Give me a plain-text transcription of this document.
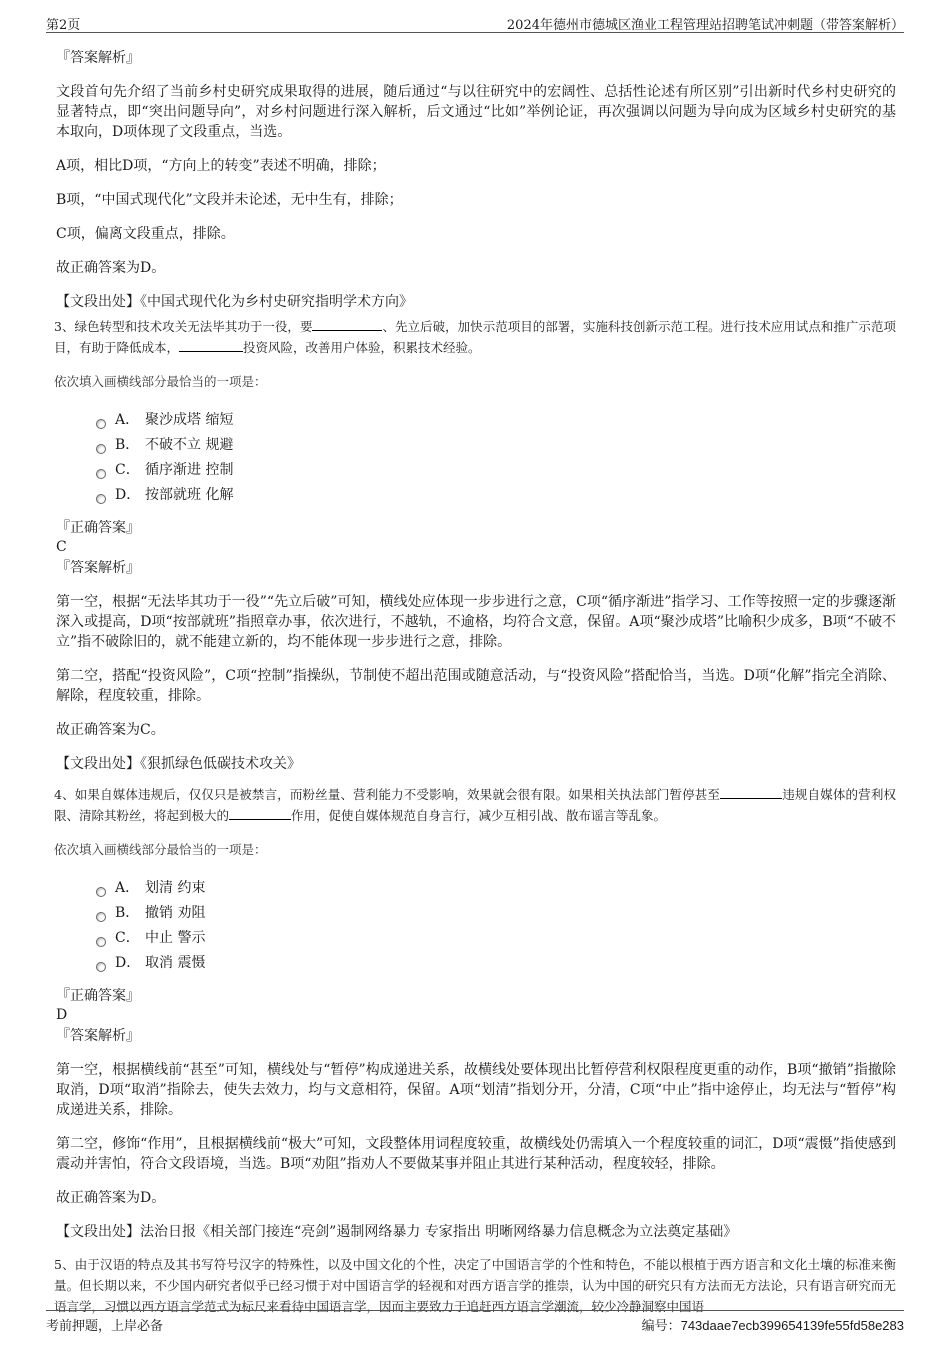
第2页	2024年德州市德城区渔业工程管理站招聘笔试冲刺题（带答案解析）

『答案解析』

文段首句先介绍了当前乡村史研究成果取得的进展，随后通过“与以往研究中的宏阔性、总括性论述有所区别”引出新时代乡村史研究的显著特点，即“突出问题导向”，对乡村问题进行深入解析，后文通过“比如”举例论证，再次强调以问题为导向成为区域乡村史研究的基本取向，D项体现了文段重点，当选。

A项，相比D项，“方向上的转变”表述不明确，排除；

B项，“中国式现代化”文段并未论述，无中生有，排除；

C项，偏离文段重点，排除。

故正确答案为D。

【文段出处】《中国式现代化为乡村史研究指明学术方向》

3、绿色转型和技术攻关无法毕其功于一役，要	、先立后破，加快示范项目的部署，实施科技创新示范工程。进行技术应用试点和推广示范项目，有助于降低成本，	投资风险，改善用户体验，积累技术经验。

依次填入画横线部分最恰当的一项是：

A． 聚沙成塔 缩短
B． 不破不立 规避
C． 循序渐进 控制
D． 按部就班 化解

『正确答案』

C

『答案解析』

第一空，根据“无法毕其功于一役”“先立后破”可知，横线处应体现一步步进行之意，C项“循序渐进”指学习、工作等按照一定的步骤逐渐深入或提高，D项“按部就班”指照章办事，依次进行，不越轨，不逾格，均符合文意，保留。A项“聚沙成塔”比喻积少成多，B项“不破不立”指不破除旧的，就不能建立新的，均不能体现一步步进行之意，排除。

第二空，搭配“投资风险”，C项“控制”指操纵，节制使不超出范围或随意活动，与“投资风险”搭配恰当，当选。D项“化解”指完全消除、解除，程度较重，排除。

故正确答案为C。

【文段出处】《狠抓绿色低碳技术攻关》

4、如果自媒体违规后，仅仅只是被禁言，而粉丝量、营利能力不受影响，效果就会很有限。如果相关执法部门暂停甚至	违规自媒体的营利权限、清除其粉丝，将起到极大的	作用，促使自媒体规范自身言行，减少互相引战、散布谣言等乱象。

依次填入画横线部分最恰当的一项是：

A． 划清 约束
B． 撤销 劝阻
C． 中止 警示
D． 取消 震慑

『正确答案』

D

『答案解析』

第一空，根据横线前“甚至”可知，横线处与“暂停”构成递进关系，故横线处要体现出比暂停营利权限程度更重的动作，B项“撤销”指撤除取消，D项“取消”指除去，使失去效力，均与文意相符，保留。A项“划清”指划分开，分清，C项“中止”指中途停止，均无法与“暂停”构成递进关系，排除。

第二空，修饰“作用”，且根据横线前“极大”可知，文段整体用词程度较重，故横线处仍需填入一个程度较重的词汇，D项“震慑”指使感到震动并害怕，符合文段语境，当选。B项“劝阻”指劝人不要做某事并阻止其进行某种活动，程度较轻，排除。

故正确答案为D。

【文段出处】法治日报《相关部门接连“亮剑”遏制网络暴力 专家指出 明晰网络暴力信息概念为立法奠定基础》

5、由于汉语的特点及其书写符号汉字的特殊性，以及中国文化的个性，决定了中国语言学的个性和特色，不能以根植于西方语言和文化土壤的标准来衡量。但长期以来，不少国内研究者似乎已经习惯于对中国语言学的轻视和对西方语言学的推崇，认为中国的研究只有方法而无方法论，只有语言研究而无语言学，习惯以西方语言学范式为标尺来看待中国语言学，因而主要致力于追赶西方语言学潮流，较少冷静洞察中国语

考前押题，上岸必备	编号：743daae7ecb399654139fe55fd58e283
